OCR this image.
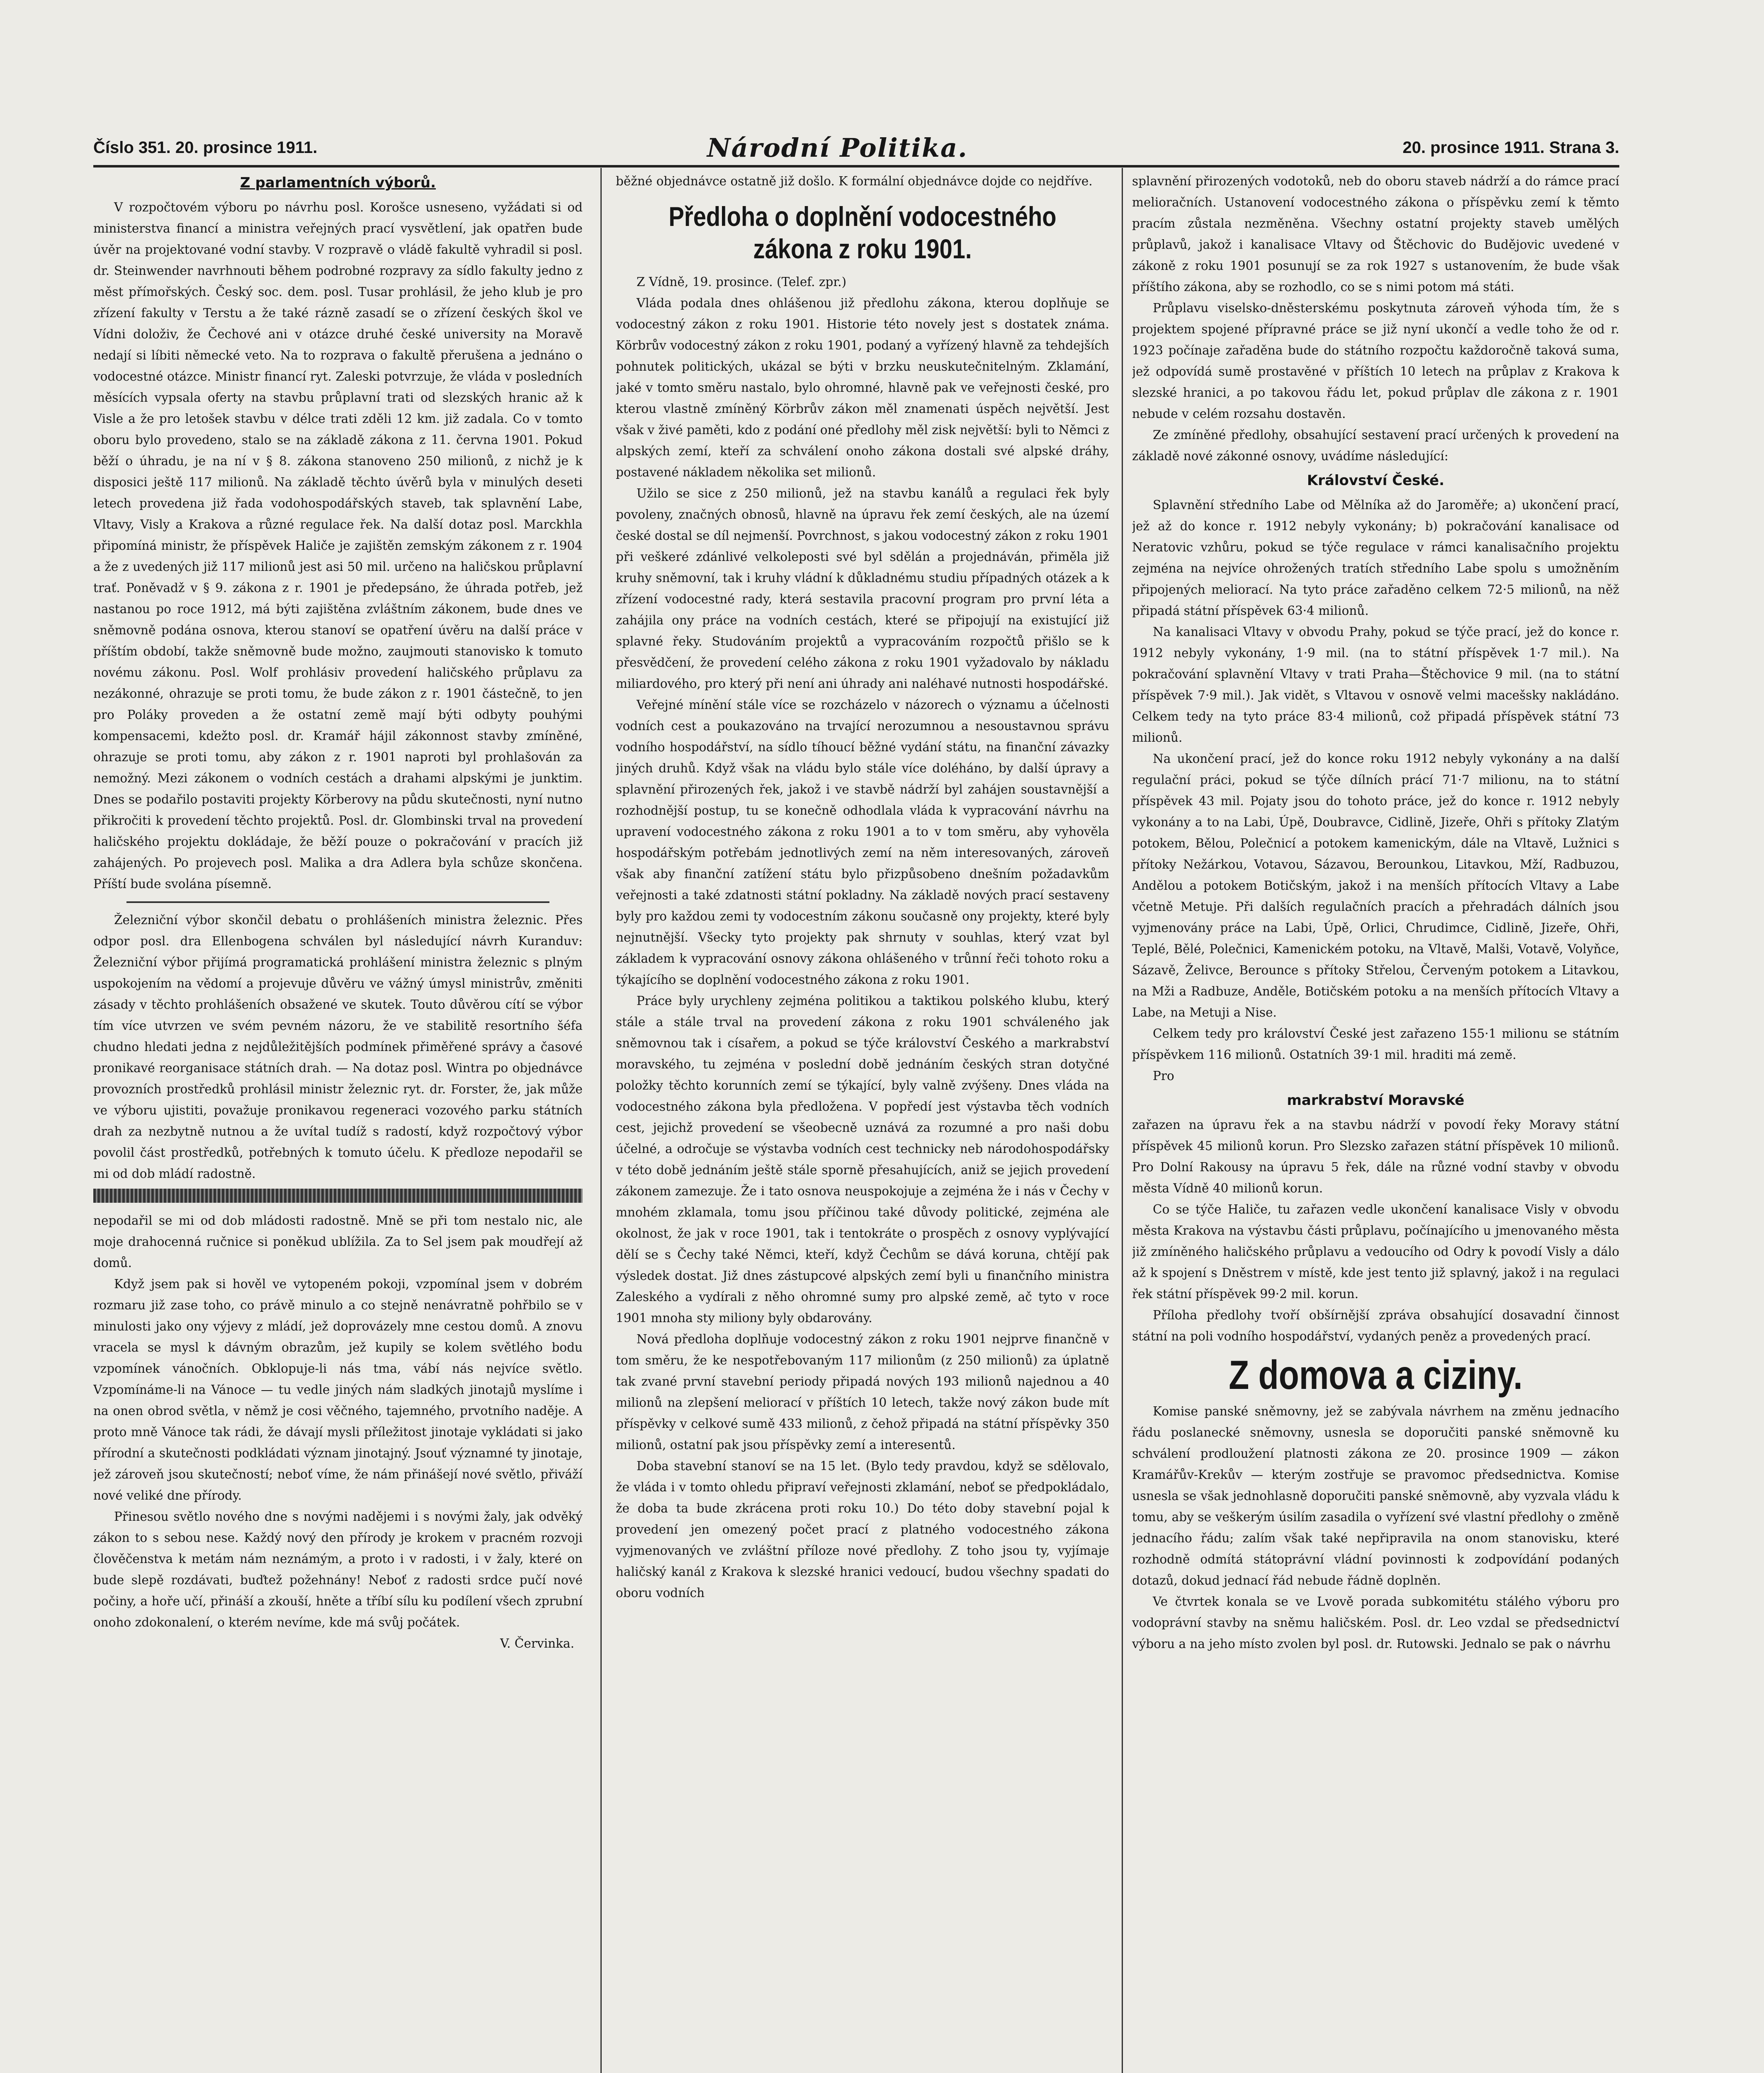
Číslo 351. 20. prosince 1911.	Národní Politika.	20. prosince 1911. Strana 3.
Z parlamentních výborů.

V rozpočtovém výboru po návrhu posl. Korošce usneseno, vyžádati si od ministerstva financí a ministra veřejných prací vysvětlení, jak opatřen bude úvěr na projektované vodní stavby. V rozpravě o vládě fakultě vyhradil si posl. dr. Steinwender navrhnouti během podrobné rozpravy za sídlo fakulty jedno z měst přímořských. Český soc. dem. posl. Tusar prohlásil, že jeho klub je pro zřízení fakulty v Terstu a že také rázně zasadí se o zřízení českých škol ve Vídni doloživ, že Čechové ani v otázce druhé české university na Moravě nedají si líbiti německé veto. Na to rozprava o fakultě přerušena a jednáno o vodocestné otázce. Ministr financí ryt. Zaleski potvrzuje, že vláda v posledních měsících vypsala oferty na stavbu průplavní trati od slezských hranic až k Visle a že pro letošek stavbu v délce trati zděli 12 km. již zadala. Co v tomto oboru bylo provedeno, stalo se na základě zákona z 11. června 1901. Pokud běží o úhradu, je na ní v § 8. zákona stanoveno 250 milionů, z nichž je k disposici ještě 117 milionů. Na základě těchto úvěrů byla v minulých deseti letech provedena již řada vodohospodářských staveb, tak splavnění Labe, Vltavy, Visly a Krakova a různé regulace řek. Na další dotaz posl. Marckhla připomíná ministr, že příspěvek Haliče je zajištěn zemským zákonem z r. 1904 a že z uvedených již 117 milionů jest asi 50 mil. určeno na haličskou průplavní trať. Poněvadž v § 9. zákona z r. 1901 je předepsáno, že úhrada potřeb, jež nastanou po roce 1912, má býti zajištěna zvláštním zákonem, bude dnes ve sněmovně podána osnova, kterou stanoví se opatření úvěru na další práce v příštím období, takže sněmovně bude možno, zaujmouti stanovisko k tomuto novému zákonu. Posl. Wolf prohlásiv provedení haličského průplavu za nezákonné, ohrazuje se proti tomu, že bude zákon z r. 1901 částečně, to jen pro Poláky proveden a že ostatní země mají býti odbyty pouhými kompensacemi, kdežto posl. dr. Kramář hájil zákonnost stavby zmíněné, ohrazuje se proti tomu, aby zákon z r. 1901 naproti byl prohlašován za nemožný. Mezi zákonem o vodních cestách a drahami alpskými je junktim. Dnes se podařilo postaviti projekty Körberovy na půdu skutečnosti, nyní nutno přikročiti k provedení těchto projektů. Posl. dr. Glombinski trval na provedení haličského projektu dokládaje, že běží pouze o pokračování v pracích již zahájených. Po projevech posl. Malika a dra Adlera byla schůze skončena. Příští bude svolána písemně.

Železniční výbor skončil debatu o prohlášeních ministra železnic. Přes odpor posl. dra Ellenbogena schválen byl následující návrh Kuranduv: Železniční výbor přijímá programatická prohlášení ministra železnic s plným uspokojením na vědomí a projevuje důvěru ve vážný úmysl ministrův, změniti zásady v těchto prohlášeních obsažené ve skutek. Touto důvěrou cítí se výbor tím více utvrzen ve svém pevném názoru, že ve stabilitě resortního šéfa chudno hledati jedna z nejdůležitějších podmínek přiměřené správy a časové pronikavé reorganisace státních drah. — Na dotaz posl. Wintra po objednávce provozních prostředků prohlásil ministr železnic ryt. dr. Forster, že, jak může ve výboru ujistiti, považuje pronikavou regeneraci vozového parku státních drah za nezbytně nutnou a že uvítal tudíž s radostí, když rozpočtový výbor povolil část prostředků, potřebných k tomuto účelu. K předloze nepodařil se mi od dob mládí radostně.

nepodařil se mi od dob mládosti radostně. Mně se při tom nestalo nic, ale moje drahocenná ručnice si poněkud ublížila. Za to Sel jsem pak moudřejí až domů.

Když jsem pak si hověl ve vytopeném pokoji, vzpomínal jsem v dobrém rozmaru již zase toho, co právě minulo a co stejně nenávratně pohřbilo se v minulosti jako ony výjevy z mládí, jež doprovázely mne cestou domů. A znovu vracela se mysl k dávným obrazům, jež kupily se kolem světlého bodu vzpomínek vánočních. Obklopuje-li nás tma, vábí nás nejvíce světlo. Vzpomínáme-li na Vánoce — tu vedle jiných nám sladkých jinotajů myslíme i na onen obrod světla, v němž je cosi věčného, tajemného, prvotního naděje. A proto mně Vánoce tak rádi, že dávají mysli příležitost jinotaje vykládati si jako přírodní a skutečnosti podkládati význam jinotajný. Jsouť významné ty jinotaje, jež zároveň jsou skutečností; neboť víme, že nám přinášejí nové světlo, přiváží nové veliké dne přírody.

Přinesou světlo nového dne s novými nadějemi i s novými žaly, jak odvěký zákon to s sebou nese. Každý nový den přírody je krokem v pracném rozvoji člověčenstva k metám nám neznámým, a proto i v radosti, i v žaly, které on bude slepě rozdávati, buďtež požehnány! Neboť z radosti srdce pučí nové počiny, a hoře učí, přináší a zkouší, hněte a tříbí sílu ku podílení všech zprubní onoho zdokonalení, o kterém nevíme, kde má svůj počátek.

V. Červinka.

běžné objednávce ostatně již došlo. K formální objednávce dojde co nejdříve.

Předloha o doplnění vodocestného zákona z roku 1901.

Z Vídně, 19. prosince. (Telef. zpr.)

Vláda podala dnes ohlášenou již předlohu zákona, kterou doplňuje se vodocestný zákon z roku 1901. Historie této novely jest s dostatek známa. Körbrův vodocestný zákon z roku 1901, podaný a vyřízený hlavně za tehdejších pohnutek politických, ukázal se býti v brzku neuskutečnitelným. Zklamání, jaké v tomto směru nastalo, bylo ohromné, hlavně pak ve veřejnosti české, pro kterou vlastně zmíněný Körbrův zákon měl znamenati úspěch největší. Jest však v živé paměti, kdo z podání oné předlohy měl zisk největší: byli to Němci z alpských zemí, kteří za schválení onoho zákona dostali své alpské dráhy, postavené nákladem několika set milionů.

Užilo se sice z 250 milionů, jež na stavbu kanálů a regulaci řek byly povoleny, značných obnosů, hlavně na úpravu řek zemí českých, ale na území české dostal se díl nejmenší. Povrchnost, s jakou vodocestný zákon z roku 1901 při veškeré zdánlivé velkoleposti své byl sdělán a projednáván, přiměla již kruhy sněmovní, tak i kruhy vládní k důkladnému studiu případných otázek a k zřízení vodocestné rady, která sestavila pracovní program pro první léta a zahájila ony práce na vodních cestách, které se připojují na existující již splavné řeky. Studováním projektů a vypracováním rozpočtů přišlo se k přesvědčení, že provedení celého zákona z roku 1901 vyžadovalo by nákladu miliardového, pro který při není ani úhrady ani naléhavé nutnosti hospodářské.

Veřejné mínění stále více se rozcházelo v názorech o významu a účelnosti vodních cest a poukazováno na trvající nerozumnou a nesoustavnou správu vodního hospodářství, na sídlo tíhoucí běžné vydání státu, na finanční závazky jiných druhů. Když však na vládu bylo stále více doléháno, by další úpravy a splavnění přirozených řek, jakož i ve stavbě nádrží byl zahájen soustavnější a rozhodnější postup, tu se konečně odhodlala vláda k vypracování návrhu na upravení vodocestného zákona z roku 1901 a to v tom směru, aby vyhověla hospodářským potřebám jednotlivých zemí na něm interesovaných, zároveň však aby finanční zatížení státu bylo přizpůsobeno dnešním požadavkům veřejnosti a také zdatnosti státní pokladny. Na základě nových prací sestaveny byly pro každou zemi ty vodocestním zákonu současně ony projekty, které byly nejnutnější. Všecky tyto projekty pak shrnuty v souhlas, který vzat byl základem k vypracování osnovy zákona ohlášeného v trůnní řeči tohoto roku a týkajícího se doplnění vodocestného zákona z roku 1901.

Práce byly urychleny zejména politikou a taktikou polského klubu, který stále a stále trval na provedení zákona z roku 1901 schváleného jak sněmovnou tak i císařem, a pokud se týče království Českého a markrabství moravského, tu zejména v poslední době jednáním českých stran dotyčné položky těchto korunních zemí se týkající, byly valně zvýšeny. Dnes vláda na vodocestného zákona byla předložena. V popředí jest výstavba těch vodních cest, jejichž provedení se všeobecně uznává za rozumné a pro naši dobu účelné, a odročuje se výstavba vodních cest technicky neb národohospodářsky v této době jednáním ještě stále sporně přesahujících, aniž se jejich provedení zákonem zamezuje. Že i tato osnova neuspokojuje a zejména že i nás v Čechy v mnohém zklamala, tomu jsou příčinou také důvody politické, zejména ale okolnost, že jak v roce 1901, tak i tentokráte o prospěch z osnovy vyplývající dělí se s Čechy také Němci, kteří, když Čechům se dává koruna, chtějí pak výsledek dostat. Již dnes zástupcové alpských zemí byli u finančního ministra Zaleského a vydírali z něho ohromné sumy pro alpské země, ač tyto v roce 1901 mnoha sty miliony byly obdarovány.

Nová předloha doplňuje vodocestný zákon z roku 1901 nejprve finančně v tom směru, že ke nespotřebovaným 117 milionům (z 250 milionů) za úplatně tak zvané první stavební periody připadá nových 193 milionů najednou a 40 milionů na zlepšení meliorací v příštích 10 letech, takže nový zákon bude mít příspěvky v celkové sumě 433 milionů, z čehož připadá na státní příspěvky 350 milionů, ostatní pak jsou příspěvky zemí a interesentů.

Doba stavební stanoví se na 15 let. (Bylo tedy pravdou, když se sdělovalo, že vláda i v tomto ohledu připraví veřejnosti zklamání, neboť se předpokládalo, že doba ta bude zkrácena proti roku 10.) Do této doby stavební pojal k provedení jen omezený počet prací z platného vodocestného zákona vyjmenovaných ve zvláštní příloze nové předlohy. Z toho jsou ty, vyjímaje haličský kanál z Krakova k slezské hranici vedoucí, budou všechny spadati do oboru vodních

splavnění přirozených vodotoků, neb do oboru staveb nádrží a do rámce prací melioračních. Ustanovení vodocestného zákona o příspěvku zemí k těmto pracím zůstala nezměněna. Všechny ostatní projekty staveb umělých průplavů, jakož i kanalisace Vltavy od Štěchovic do Budějovic uvedené v zákoně z roku 1901 posunují se za rok 1927 s ustanovením, že bude však příštího zákona, aby se rozhodlo, co se s nimi potom má státi.

Průplavu viselsko-dněsterskému poskytnuta zároveň výhoda tím, že s projektem spojené přípravné práce se již nyní ukončí a vedle toho že od r. 1923 počínaje zařaděna bude do státního rozpočtu každoročně taková suma, jež odpovídá sumě prostavěné v příštích 10 letech na průplav z Krakova k slezské hranici, a po takovou řádu let, pokud průplav dle zákona z r. 1901 nebude v celém rozsahu dostavěn.

Ze zmíněné předlohy, obsahující sestavení prací určených k provedení na základě nové zákonné osnovy, uvádíme následující:

Království České.

Splavnění středního Labe od Mělníka až do Jaroměře; a) ukončení prací, jež až do konce r. 1912 nebyly vykonány; b) pokračování kanalisace od Neratovic vzhůru, pokud se týče regulace v rámci kanalisačního projektu zejména na nejvíce ohrožených tratích středního Labe spolu s umožněním připojených meliorací. Na tyto práce zařaděno celkem 72·5 milionů, na něž připadá státní příspěvek 63·4 milionů.

Na kanalisaci Vltavy v obvodu Prahy, pokud se týče prací, jež do konce r. 1912 nebyly vykonány, 1·9 mil. (na to státní příspěvek 1·7 mil.). Na pokračování splavnění Vltavy v trati Praha—Štěchovice 9 mil. (na to státní příspěvek 7·9 mil.). Jak vidět, s Vltavou v osnově velmi macešsky nakládáno. Celkem tedy na tyto práce 83·4 milionů, což připadá příspěvek státní 73 milionů.

Na ukončení prací, jež do konce roku 1912 nebyly vykonány a na další regulační práci, pokud se týče dílních prácí 71·7 milionu, na to státní příspěvek 43 mil. Pojaty jsou do tohoto práce, jež do konce r. 1912 nebyly vykonány a to na Labi, Úpě, Doubravce, Cidlině, Jizeře, Ohři s přítoky Zlatým potokem, Bělou, Polečnicí a potokem kamenickým, dále na Vltavě, Lužnici s přítoky Nežárkou, Votavou, Sázavou, Berounkou, Litavkou, Mží, Radbuzou, Andělou a potokem Botičským, jakož i na menších přítocích Vltavy a Labe včetně Metuje. Při dalších regulačních pracích a přehradách dálních jsou vyjmenovány práce na Labi, Úpě, Orlici, Chrudimce, Cidlině, Jizeře, Ohři, Teplé, Bělé, Polečnici, Kamenickém potoku, na Vltavě, Malši, Votavě, Volyňce, Sázavě, Želivce, Berounce s přítoky Střelou, Červeným potokem a Litavkou, na Mži a Radbuze, Anděle, Botičském potoku a na menších přítocích Vltavy a Labe, na Metuji a Nise.

Celkem tedy pro království České jest zařazeno 155·1 milionu se státním příspěvkem 116 milionů. Ostatních 39·1 mil. hraditi má země.

Pro

markrabství Moravské

zařazen na úpravu řek a na stavbu nádrží v povodí řeky Moravy státní příspěvek 45 milionů korun. Pro Slezsko zařazen státní příspěvek 10 milionů. Pro Dolní Rakousy na úpravu 5 řek, dále na různé vodní stavby v obvodu města Vídně 40 milionů korun.

Co se týče Haliče, tu zařazen vedle ukončení kanalisace Visly v obvodu města Krakova na výstavbu části průplavu, počínajícího u jmenovaného města již zmíněného haličského průplavu a vedoucího od Odry k povodí Visly a dálo až k spojení s Dněstrem v místě, kde jest tento již splavný, jakož i na regulaci řek státní příspěvek 99·2 mil. korun.

Příloha předlohy tvoří obšírnější zpráva obsahující dosavadní činnost státní na poli vodního hospodářství, vydaných peněz a provedených prací.

Z domova a ciziny.

Komise panské sněmovny, jež se zabývala návrhem na změnu jednacího řádu poslanecké sněmovny, usnesla se doporučiti panské sněmovně ku schválení prodloužení platnosti zákona ze 20. prosince 1909 — zákon Kramářův-Krekův — kterým zostřuje se pravomoc předsednictva. Komise usnesla se však jednohlasně doporučiti panské sněmovně, aby vyzvala vládu k tomu, aby se veškerým úsilím zasadila o vyřízení své vlastní předlohy o změně jednacího řádu; zalím však také nepřipravila na onom stanovisku, které rozhodně odmítá státoprávní vládní povinnosti k zodpovídání podaných dotazů, dokud jednací řád nebude řádně doplněn.

Ve čtvrtek konala se ve Lvově porada subkomitétu stálého výboru pro vodoprávní stavby na sněmu haličském. Posl. dr. Leo vzdal se předsednictví výboru a na jeho místo zvolen byl posl. dr. Rutowski. Jednalo se pak o návrhu
